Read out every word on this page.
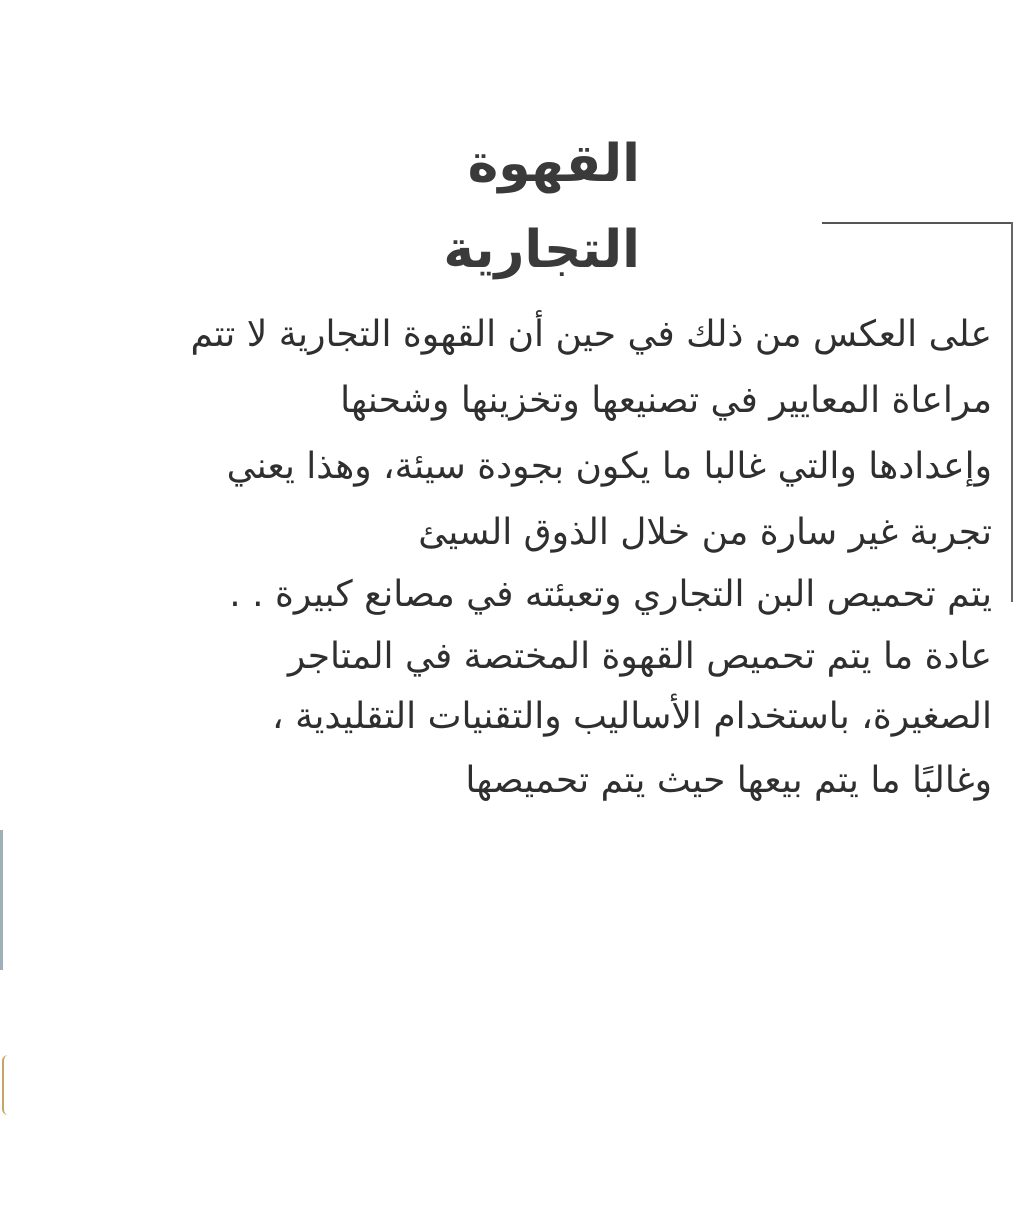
القهوة
التجارية
على العكس من ذلك في حين أن القهوة التجارية لا تتم
مراعاة المعايير في تصنيعها وتخزينها وشحنها
وإعدادها والتي غالبا ما يكون بجودة سيئة، وهذا يعني
تجربة غير سارة من خلال الذوق السيئ
يتم تحميص البن التجاري وتعبئته في مصانع كبيرة . .
عادة ما يتم تحميص القهوة المختصة في المتاجر
الصغيرة، باستخدام الأساليب والتقنيات التقليدية ،
وغالبًا ما يتم بيعها حيث يتم تحميصها
